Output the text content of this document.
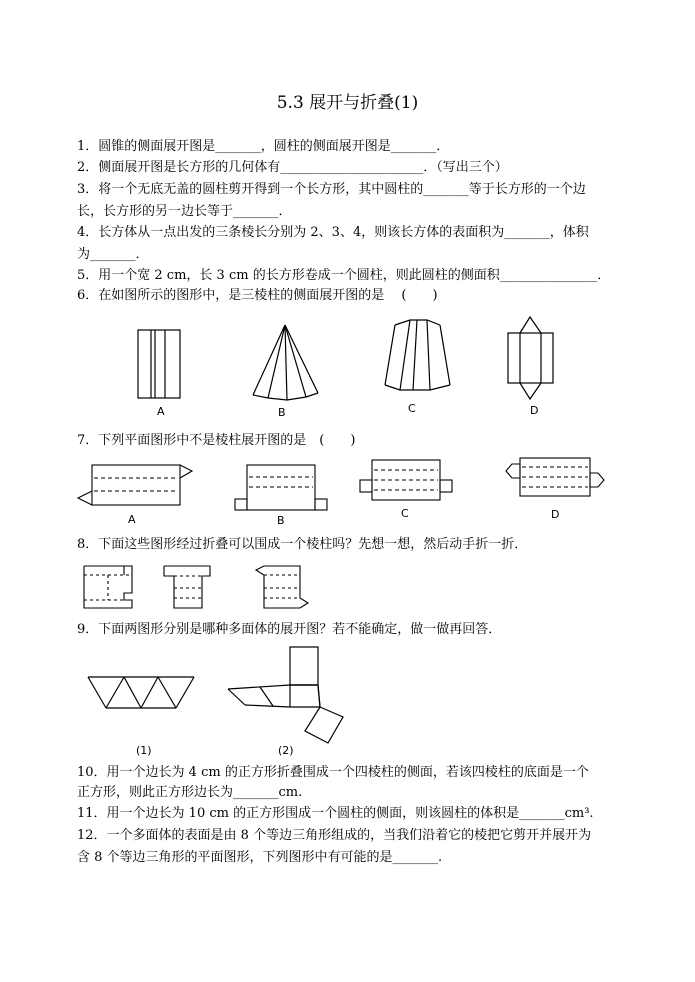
5.3 展开与折叠(1)
1．圆锥的侧面展开图是_______，圆柱的侧面展开图是_______．
2．侧面展开图是长方形的几何体有______________________．（写出三个）
3．将一个无底无盖的圆柱剪开得到一个长方形，其中圆柱的_______等于长方形的一个边
长，长方形的另一边长等于_______．
4．长方体从一点出发的三条棱长分别为 2、3、4，则该长方体的表面积为_______，体积
为_______．
5．用一个宽 2 cm，长 3 cm 的长方形卷成一个圆柱，则此圆柱的侧面积_______________．
6．在如图所示的图形中，是三棱柱的侧面展开图的是　 (　　)
A	B	C	D
7．下列平面图形中不是棱柱展开图的是　(　　)
A	B
C	D
8．下面这些图形经过折叠可以围成一个棱柱吗？先想一想，然后动手折一折．
9．下面两图形分别是哪种多面体的展开图？若不能确定，做一做再回答．
(1)	(2)
10．用一个边长为 4 cm 的正方形折叠围成一个四棱柱的侧面，若该四棱柱的底面是一个
正方形，则此正方形边长为_______cm.
11．用一个边长为 10 cm 的正方形围成一个圆柱的侧面，则该圆柱的体积是_______cm³.
12．一个多面体的表面是由 8 个等边三角形组成的，当我们沿着它的棱把它剪开并展开为
含 8 个等边三角形的平面图形，下列图形中有可能的是_______.
